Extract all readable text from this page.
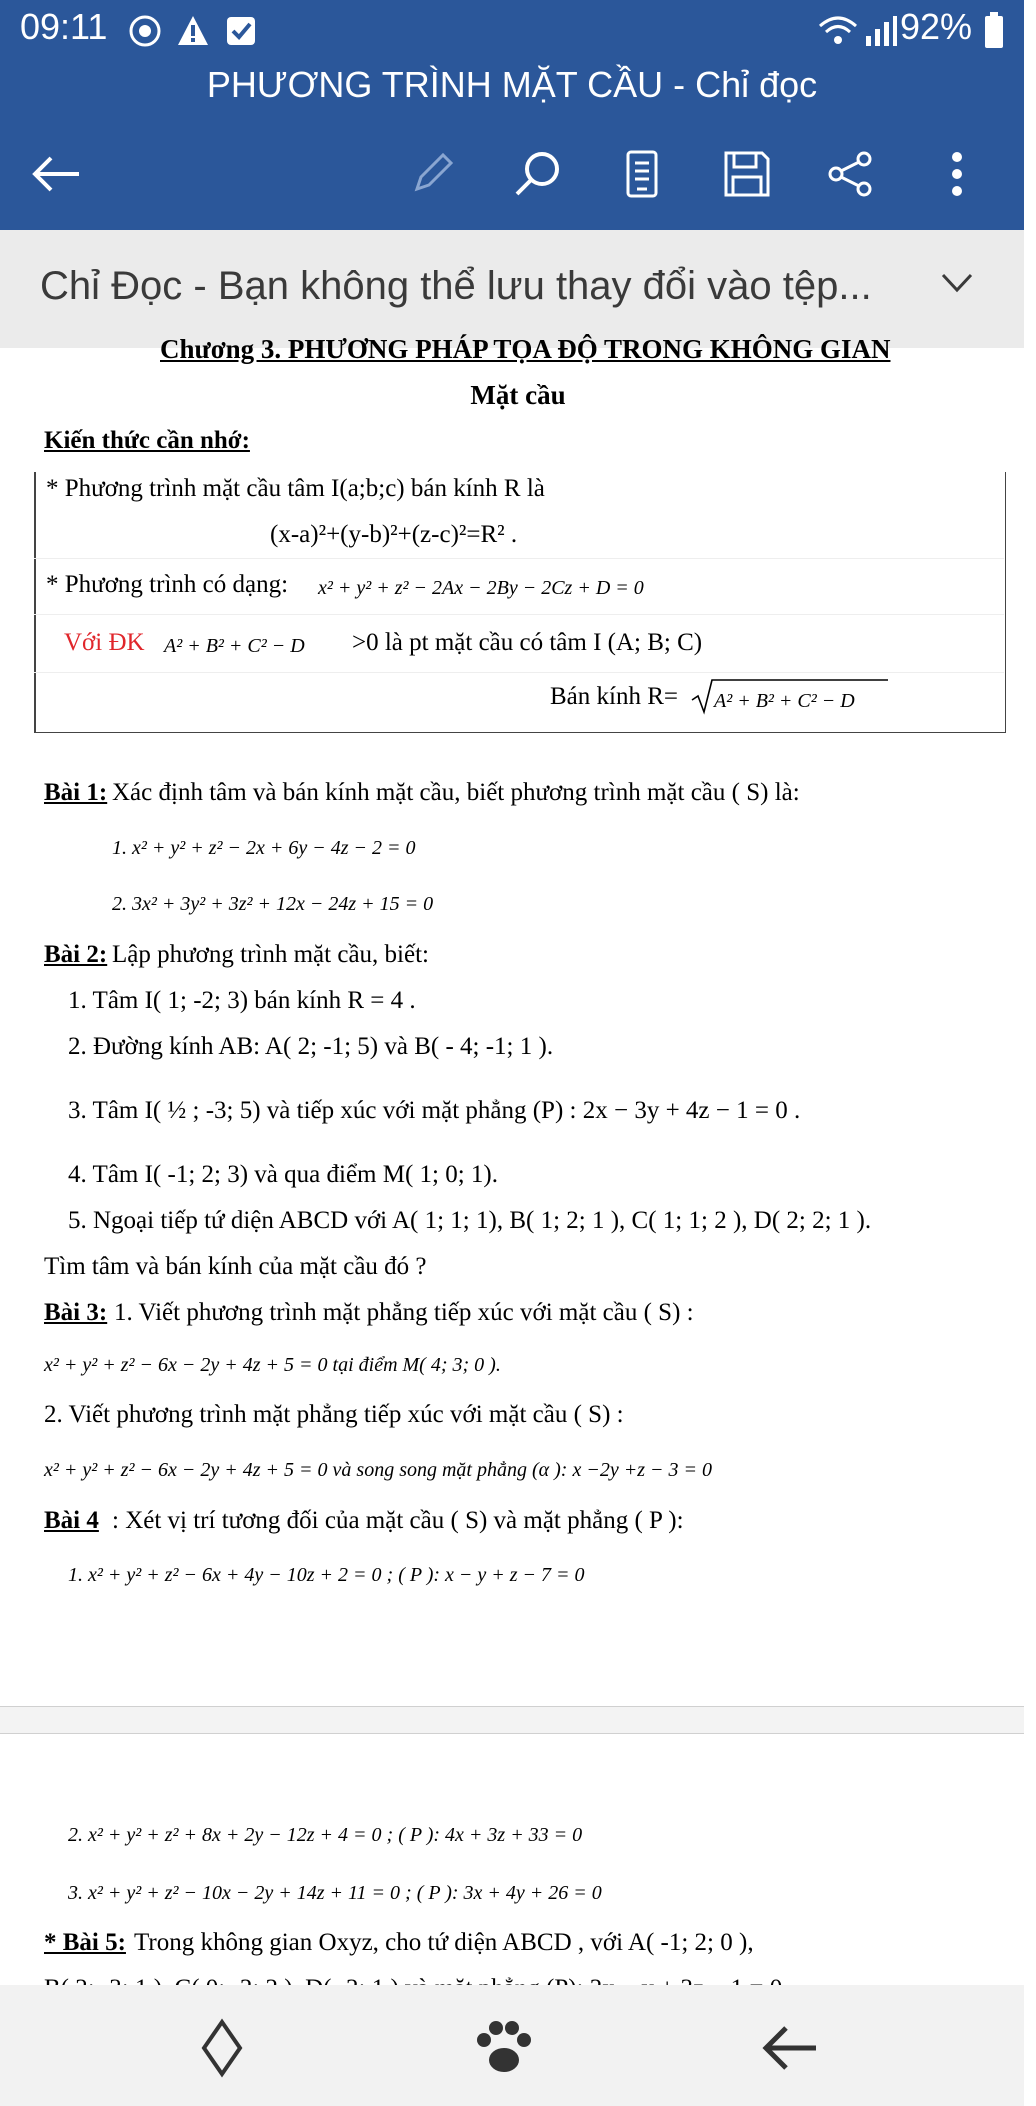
09:11	92%
PHƯƠNG TRÌNH MẶT CẦU - Chỉ đọc
Chỉ Đọc - Bạn không thể lưu thay đổi vào tệp...
Chương 3. PHƯƠNG PHÁP TỌA ĐỘ TRONG KHÔNG GIAN
Mặt cầu
Kiến thức cần nhớ:
* Phương trình mặt cầu tâm I(a;b;c) bán kính R là
(x-a)²+(y-b)²+(z-c)²=R² .
* Phương trình có dạng: x² + y² + z² − 2Ax − 2By − 2Cz + D = 0
Với ĐK A² + B² + C² − D >0 là pt mặt cầu có tâm I (A; B; C)
Bán kính R= A² + B² + C² − D
Bài 1: Xác định tâm và bán kính mặt cầu, biết phương trình mặt cầu ( S) là:
1. x² + y² + z² − 2x + 6y − 4z − 2 = 0
2. 3x² + 3y² + 3z² + 12x − 24z + 15 = 0
Bài 2: Lập phương trình mặt cầu, biết:
1. Tâm I( 1; -2; 3) bán kính R = 4 .
2. Đường kính AB: A( 2; -1; 5) và B( - 4; -1; 1 ).
3. Tâm I( ½ ; -3; 5) và tiếp xúc với mặt phẳng (P) : 2x − 3y + 4z − 1 = 0 .
4. Tâm I( -1; 2; 3) và qua điểm M( 1; 0; 1).
5. Ngoại tiếp tứ diện ABCD với A( 1; 1; 1), B( 1; 2; 1 ), C( 1; 1; 2 ), D( 2; 2; 1 ).
Tìm tâm và bán kính của mặt cầu đó ?
Bài 3: 1. Viết phương trình mặt phẳng tiếp xúc với mặt cầu ( S) :
x² + y² + z² − 6x − 2y + 4z + 5 = 0 tại điểm M( 4; 3; 0 ).
2. Viết phương trình mặt phẳng tiếp xúc với mặt cầu ( S) :
x² + y² + z² − 6x − 2y + 4z + 5 = 0 và song song mặt phẳng (α ): x −2y +z − 3 = 0
Bài 4 : Xét vị trí tương đối của mặt cầu ( S) và mặt phẳng ( P ):
1. x² + y² + z² − 6x + 4y − 10z + 2 = 0 ; ( P ): x − y + z − 7 = 0
2. x² + y² + z² + 8x + 2y − 12z + 4 = 0 ; ( P ): 4x + 3z + 33 = 0
3. x² + y² + z² − 10x − 2y + 14z + 11 = 0 ; ( P ): 3x + 4y + 26 = 0
* Bài 5: Trong không gian Oxyz, cho tứ diện ABCD , với A( -1; 2; 0 ),
